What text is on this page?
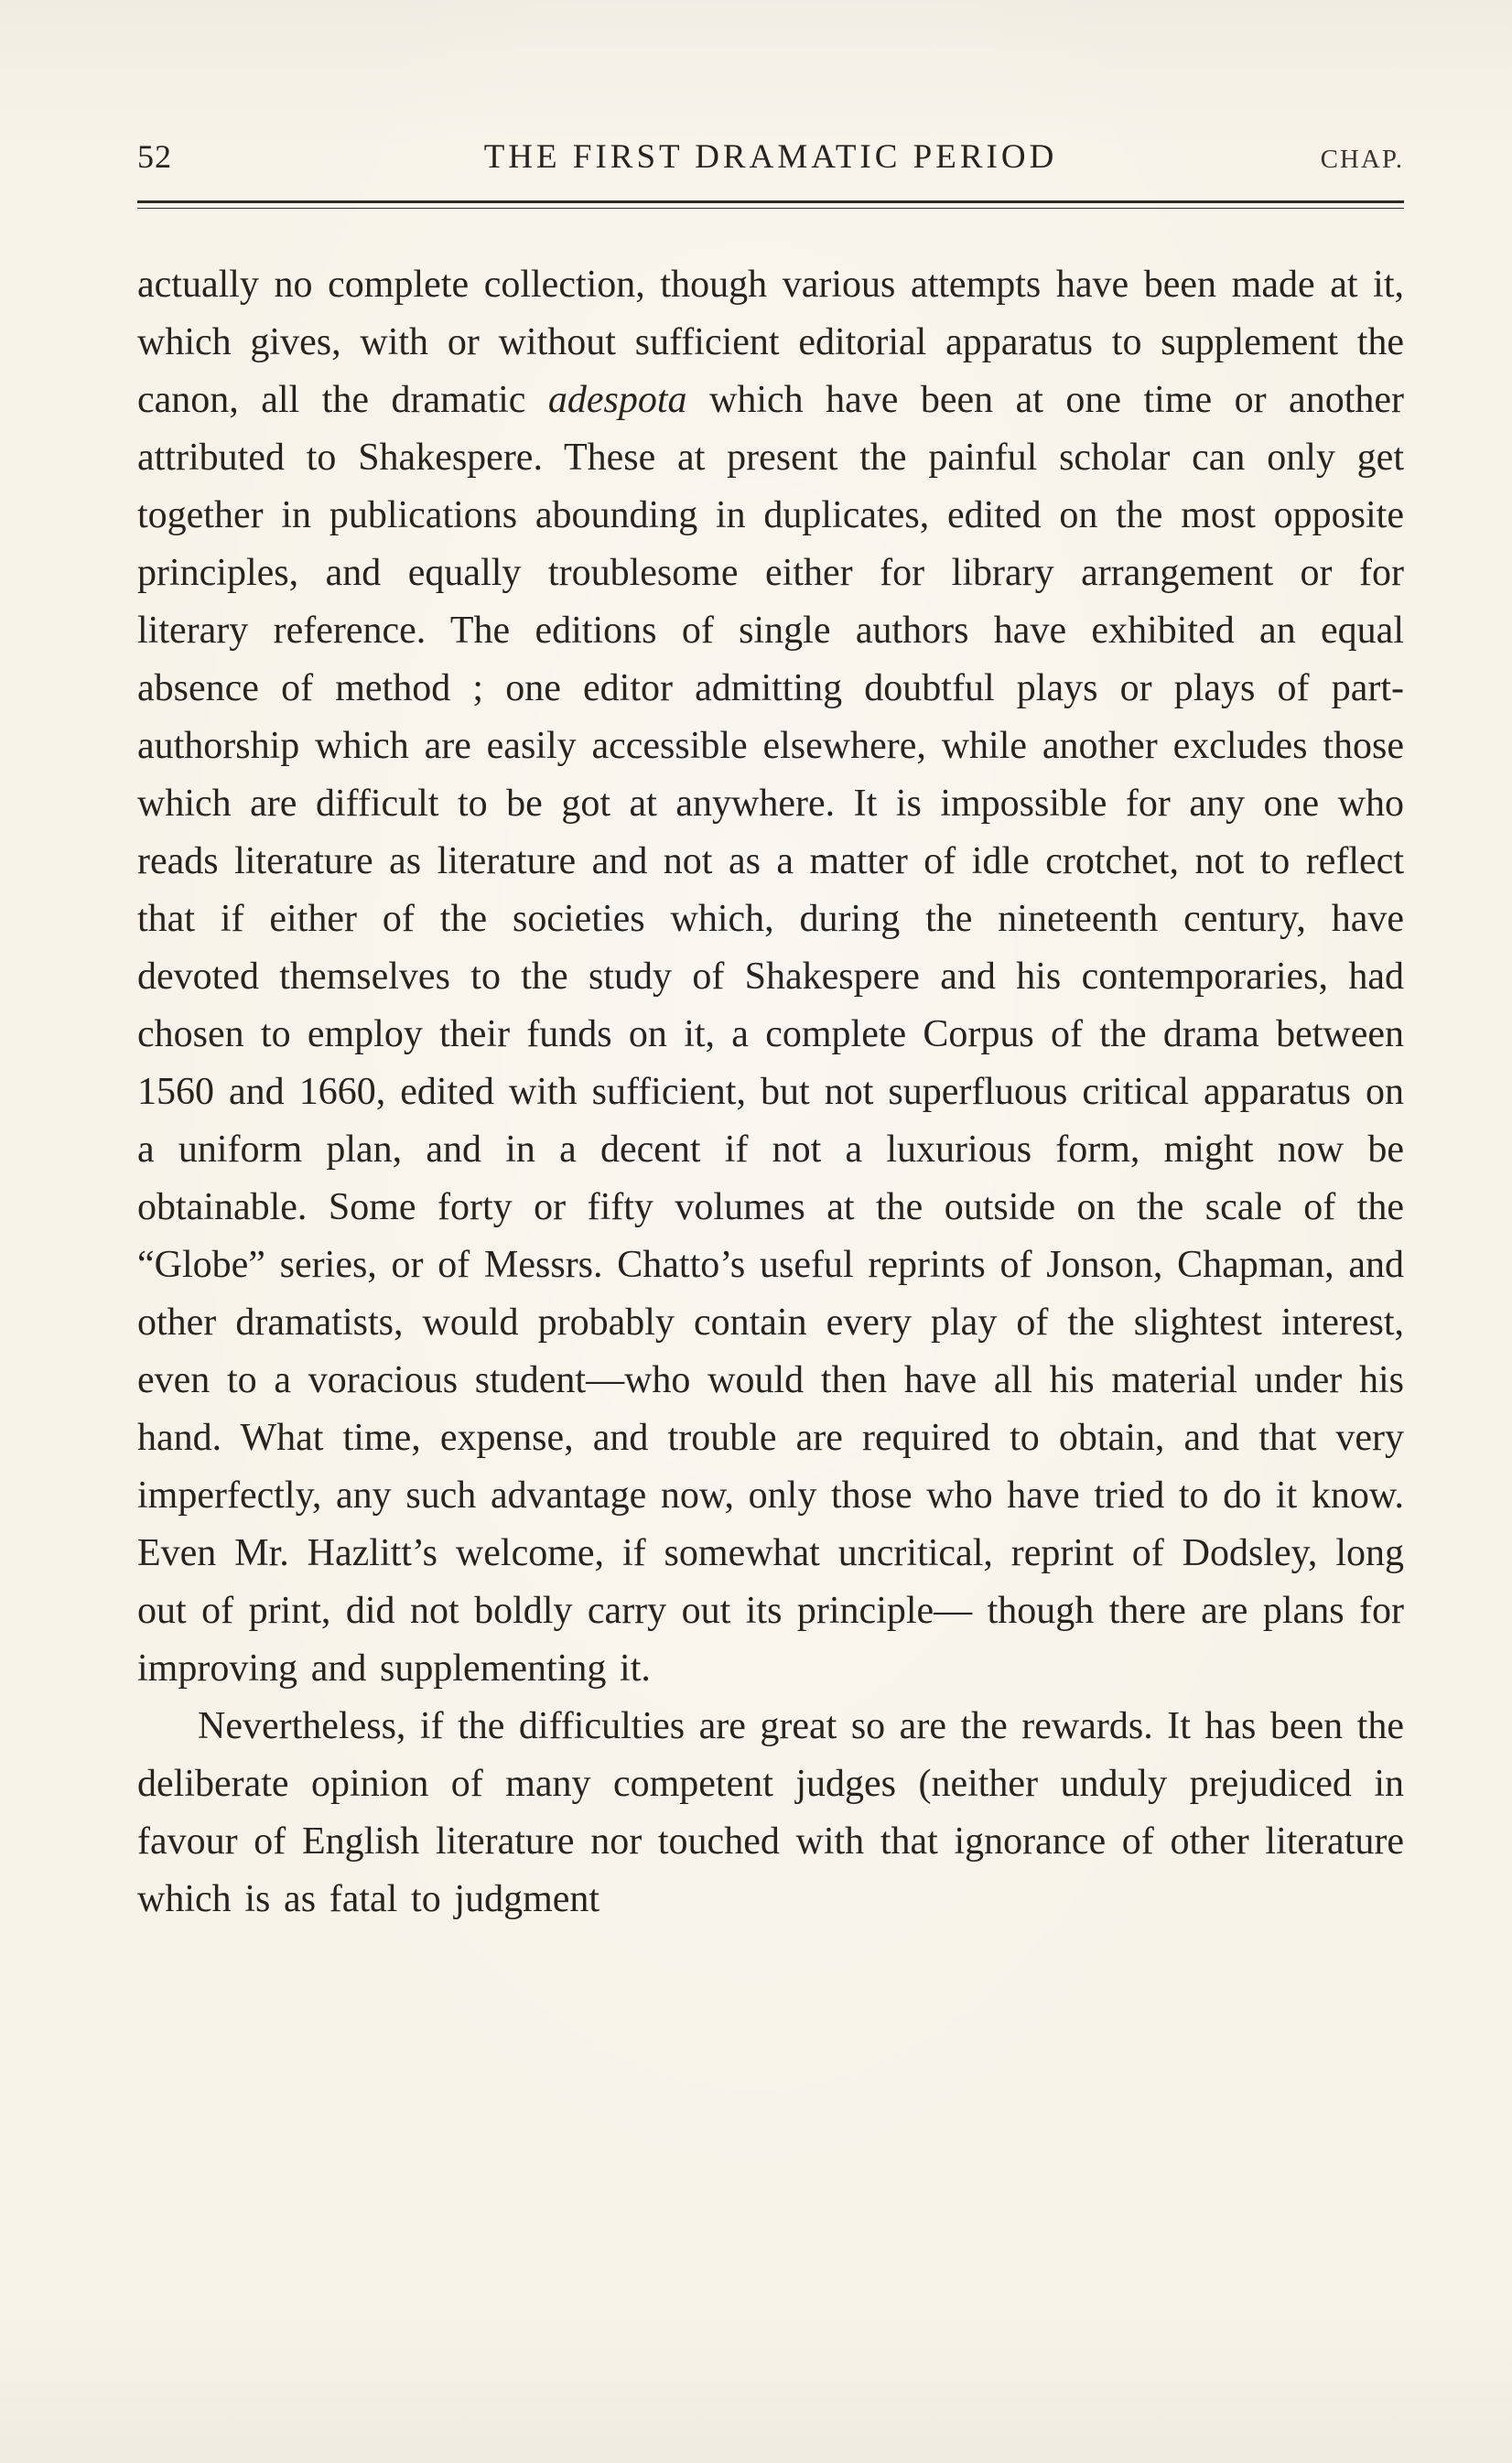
52	THE FIRST DRAMATIC PERIOD	CHAP.

actually no complete collection, though various attempts have been made at it, which gives, with or without sufficient editorial apparatus to supplement the canon, all the dramatic adespota which have been at one time or another attributed to Shakespere. These at present the painful scholar can only get together in publications abounding in duplicates, edited on the most opposite principles, and equally troublesome either for library arrangement or for literary reference. The editions of single authors have exhibited an equal absence of method ; one editor admitting doubtful plays or plays of part-authorship which are easily accessible elsewhere, while another excludes those which are difficult to be got at anywhere. It is impossible for any one who reads literature as literature and not as a matter of idle crotchet, not to reflect that if either of the societies which, during the nineteenth century, have devoted themselves to the study of Shakespere and his contemporaries, had chosen to employ their funds on it, a complete Corpus of the drama between 1560 and 1660, edited with sufficient, but not superfluous critical apparatus on a uniform plan, and in a decent if not a luxurious form, might now be obtainable. Some forty or fifty volumes at the outside on the scale of the “Globe” series, or of Messrs. Chatto’s useful reprints of Jonson, Chapman, and other dramatists, would probably contain every play of the slightest interest, even to a voracious student—who would then have all his material under his hand. What time, expense, and trouble are required to obtain, and that very imperfectly, any such advantage now, only those who have tried to do it know. Even Mr. Hazlitt’s welcome, if somewhat uncritical, reprint of Dodsley, long out of print, did not boldly carry out its principle— though there are plans for improving and supplementing it.

Nevertheless, if the difficulties are great so are the rewards. It has been the deliberate opinion of many competent judges (neither unduly prejudiced in favour of English literature nor touched with that ignorance of other literature which is as fatal to judgment
